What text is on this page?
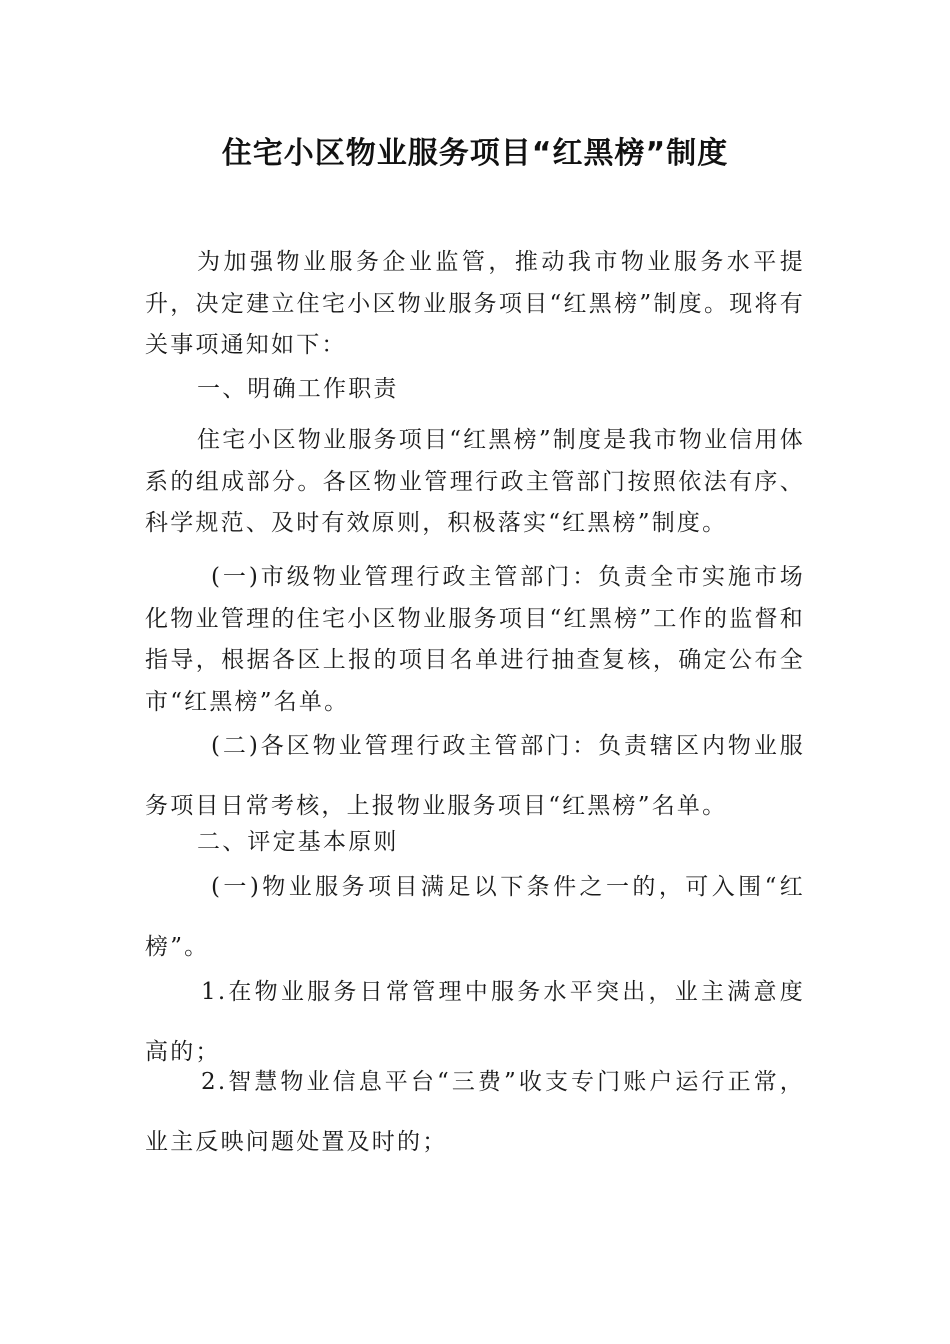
住宅小区物业服务项目“红黑榜”制度

为加强物业服务企业监管，推动我市物业服务水平提升，决定建立住宅小区物业服务项目“红黑榜”制度。现将有关事项通知如下：

一、明确工作职责

住宅小区物业服务项目“红黑榜”制度是我市物业信用体系的组成部分。各区物业管理行政主管部门按照依法有序、科学规范、及时有效原则，积极落实“红黑榜”制度。

(一)市级物业管理行政主管部门：负责全市实施市场化物业管理的住宅小区物业服务项目“红黑榜”工作的监督和指导，根据各区上报的项目名单进行抽查复核，确定公布全市“红黑榜”名单。

(二)各区物业管理行政主管部门：负责辖区内物业服务项目日常考核，上报物业服务项目“红黑榜”名单。

二、评定基本原则

(一)物业服务项目满足以下条件之一的，可入围“红榜”。

1.在物业服务日常管理中服务水平突出，业主满意度高的；

2.智慧物业信息平台“三费”收支专门账户运行正常，业主反映问题处置及时的；
